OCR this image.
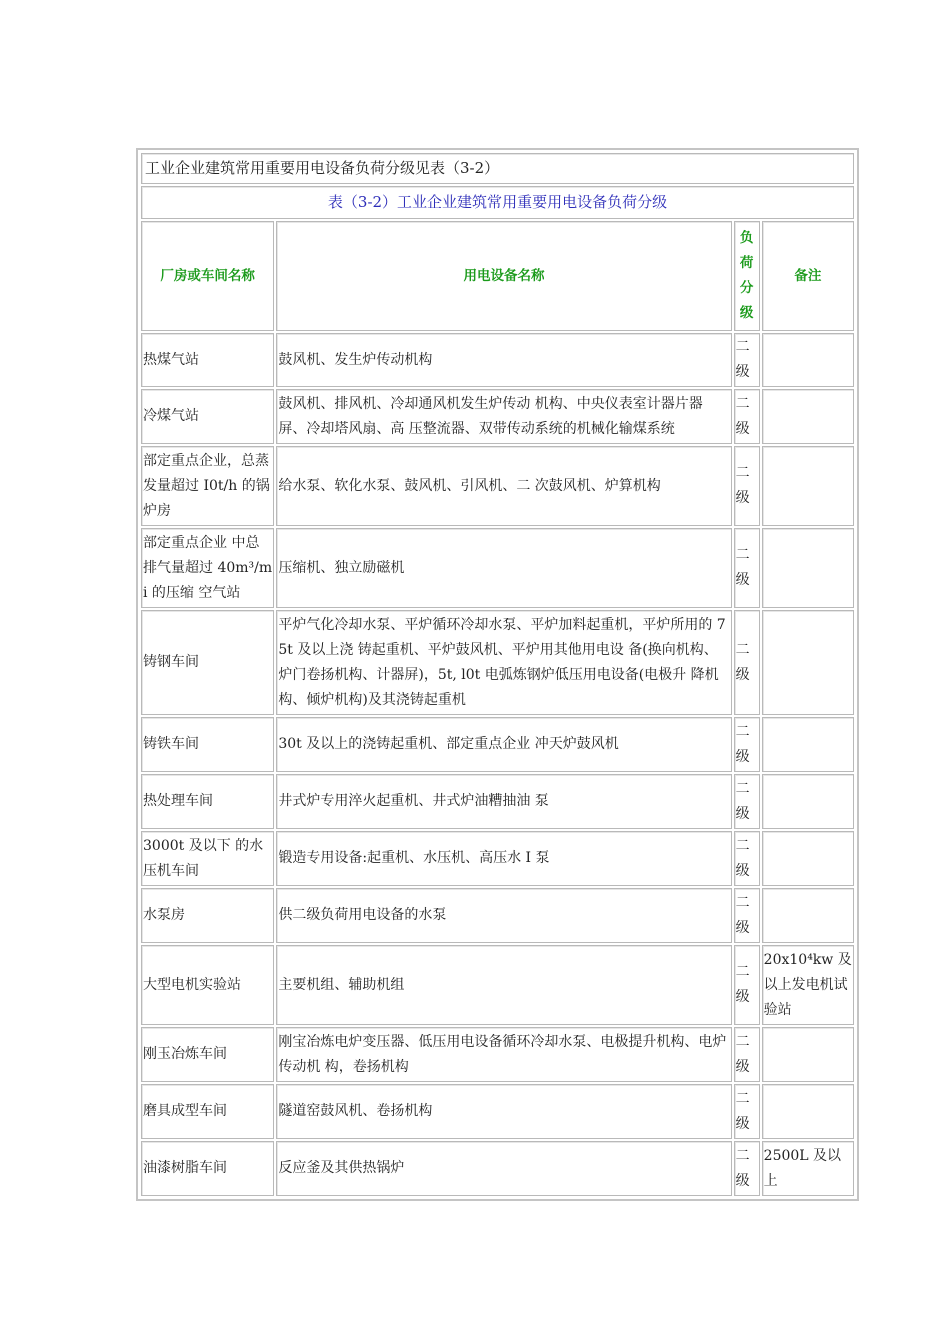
工业企业建筑常用重要用电设备负荷分级见表（3-2）			
表（3-2）工业企业建筑常用重要用电设备负荷分级			
厂房或车间名称	用电设备名称	负荷分级	备注
热煤气站	鼓风机、发生炉传动机构	二级	
冷煤气站	鼓风机、排风机、冷却通风机发生炉传动 机构、中央仪表室计器片器屏、冷却塔风扇、高 压整流器、双带传动系统的机械化输煤系统	二级	
部定重点企业，总蒸发量超过 I0t/h 的锅炉房	给水泵、软化水泵、鼓风机、引风机、二 次鼓风机、炉算机构	二级	
部定重点企业 中总排气量超过 40m³/mi 的压缩 空气站	压缩机、独立励磁机	二级	
铸钢车间	平炉气化冷却水泵、平炉循环冷却水泵、平炉加料起重机，平炉所用的 75t 及以上浇 铸起重机、平炉鼓风机、平炉用其他用电设 备(换向机构、炉门卷扬机构、计器屏)，5t, l0t 电弧炼钢炉低压用电设备(电极升 降机构、倾炉机构)及其浇铸起重机	二级	
铸铁车间	30t 及以上的浇铸起重机、部定重点企业 冲天炉鼓风机	二级	
热处理车间	井式炉专用淬火起重机、井式炉油糟抽油 泵	二级	
3000t 及以下 的水压机车间	锻造专用设备:起重机、水压机、高压水 I 泵	二级	
水泵房	供二级负荷用电设备的水泵	二级	
大型电机实验站	主要机组、辅助机组	二级	20x10⁴kw 及以上发电机试验站
刚玉冶炼车间	刚宝冶炼电炉变压器、低压用电设备循环冷却水泵、电极提升机构、电炉传动机 构，卷扬机构	二级	
磨具成型车间	隧道窑鼓风机、卷扬机构	二级	
油漆树脂车间	反应釜及其供热锅炉	二级	2500L 及以上
